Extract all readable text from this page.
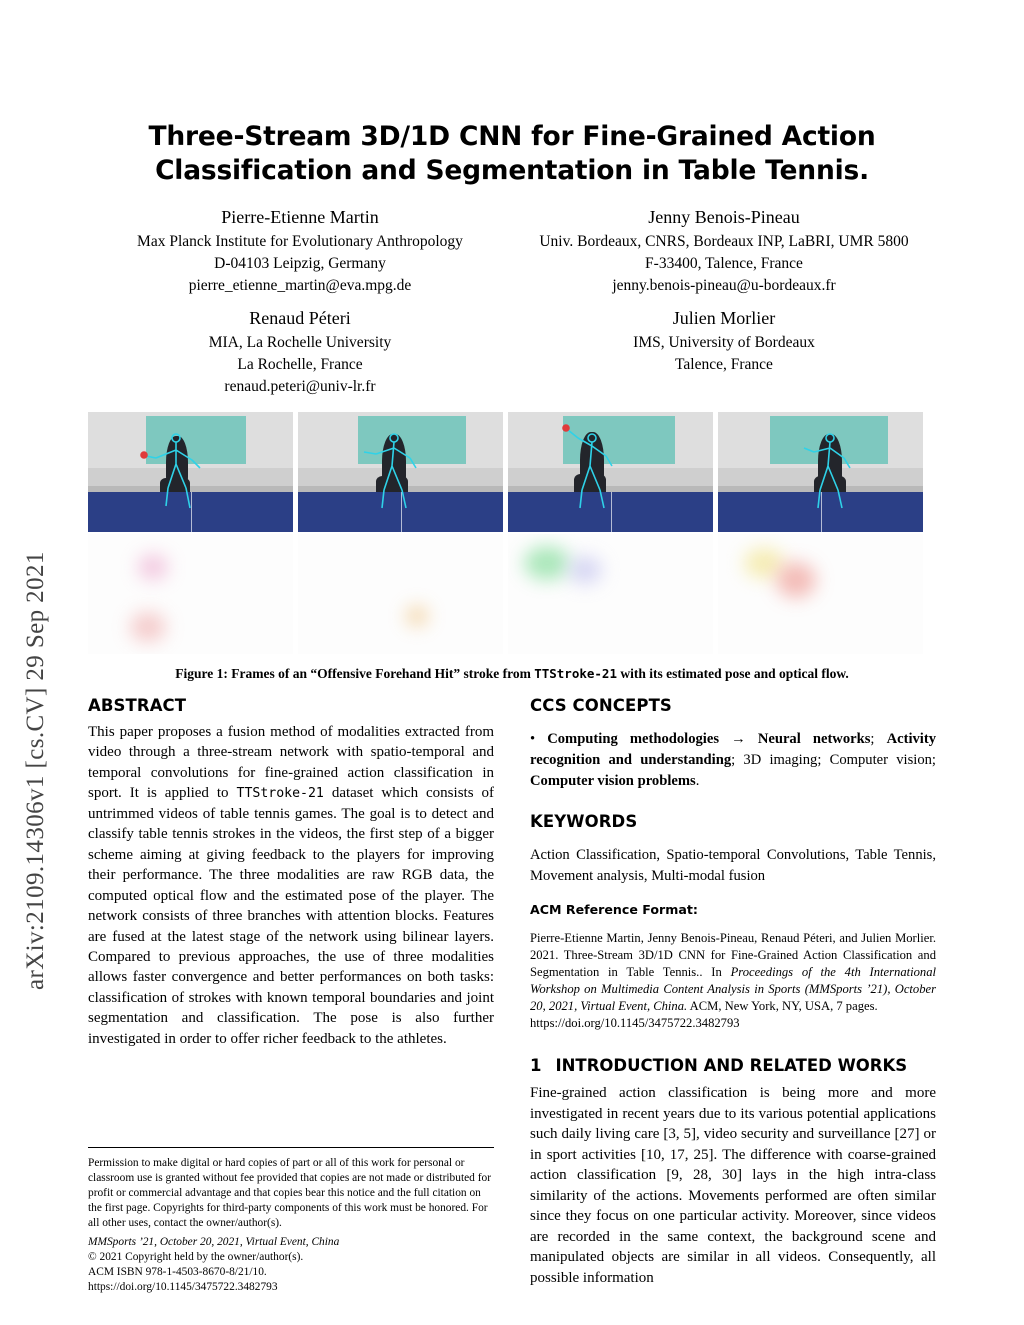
arXiv:2109.14306v1 [cs.CV] 29 Sep 2021
Three-Stream 3D/1D CNN for Fine-Grained Action Classification and Segmentation in Table Tennis.
Pierre-Etienne Martin
Max Planck Institute for Evolutionary Anthropology
D-04103 Leipzig, Germany
pierre_etienne_martin@eva.mpg.de
Jenny Benois-Pineau
Univ. Bordeaux, CNRS, Bordeaux INP, LaBRI, UMR 5800
F-33400, Talence, France
jenny.benois-pineau@u-bordeaux.fr
Renaud Péteri
MIA, La Rochelle University
La Rochelle, France
renaud.peteri@univ-lr.fr
Julien Morlier
IMS, University of Bordeaux
Talence, France
Figure 1: Frames of an “Offensive Forehand Hit” stroke from TTStroke-21 with its estimated pose and optical flow.
ABSTRACT

This paper proposes a fusion method of modalities extracted from video through a three-stream network with spatio-temporal and temporal convolutions for fine-grained action classification in sport. It is applied to TTStroke-21 dataset which consists of untrimmed videos of table tennis games. The goal is to detect and classify table tennis strokes in the videos, the first step of a bigger scheme aiming at giving feedback to the players for improving their performance. The three modalities are raw RGB data, the computed optical flow and the estimated pose of the player. The network consists of three branches with attention blocks. Features are fused at the latest stage of the network using bilinear layers. Compared to previous approaches, the use of three modalities allows faster convergence and better performances on both tasks: classification of strokes with known temporal boundaries and joint segmentation and classification. The pose is also further investigated in order to offer richer feedback to the athletes.

Permission to make digital or hard copies of part or all of this work for personal or classroom use is granted without fee provided that copies are not made or distributed for profit or commercial advantage and that copies bear this notice and the full citation on the first page. Copyrights for third-party components of this work must be honored. For all other uses, contact the owner/author(s).

MMSports ’21, October 20, 2021, Virtual Event, China

© 2021 Copyright held by the owner/author(s).

ACM ISBN 978-1-4503-8670-8/21/10.

https://doi.org/10.1145/3475722.3482793

CCS CONCEPTS

• Computing methodologies → Neural networks; Activity recognition and understanding; 3D imaging; Computer vision; Computer vision problems.

KEYWORDS

Action Classification, Spatio-temporal Convolutions, Table Tennis, Movement analysis, Multi-modal fusion

ACM Reference Format:

Pierre-Etienne Martin, Jenny Benois-Pineau, Renaud Péteri, and Julien Morlier. 2021. Three-Stream 3D/1D CNN for Fine-Grained Action Classification and Segmentation in Table Tennis.. In Proceedings of the 4th International Workshop on Multimedia Content Analysis in Sports (MMSports ’21), October 20, 2021, Virtual Event, China. ACM, New York, NY, USA, 7 pages.
https://doi.org/10.1145/3475722.3482793

1 INTRODUCTION AND RELATED WORKS

Fine-grained action classification is being more and more investigated in recent years due to its various potential applications such daily living care [3, 5], video security and surveillance [27] or in sport activities [10, 17, 25]. The difference with coarse-grained action classification [9, 28, 30] lays in the high intra-class similarity of the actions. Movements performed are often similar since they focus on one particular activity. Moreover, since videos are recorded in the same context, the background scene and manipulated objects are similar in all videos. Consequently, all possible information
